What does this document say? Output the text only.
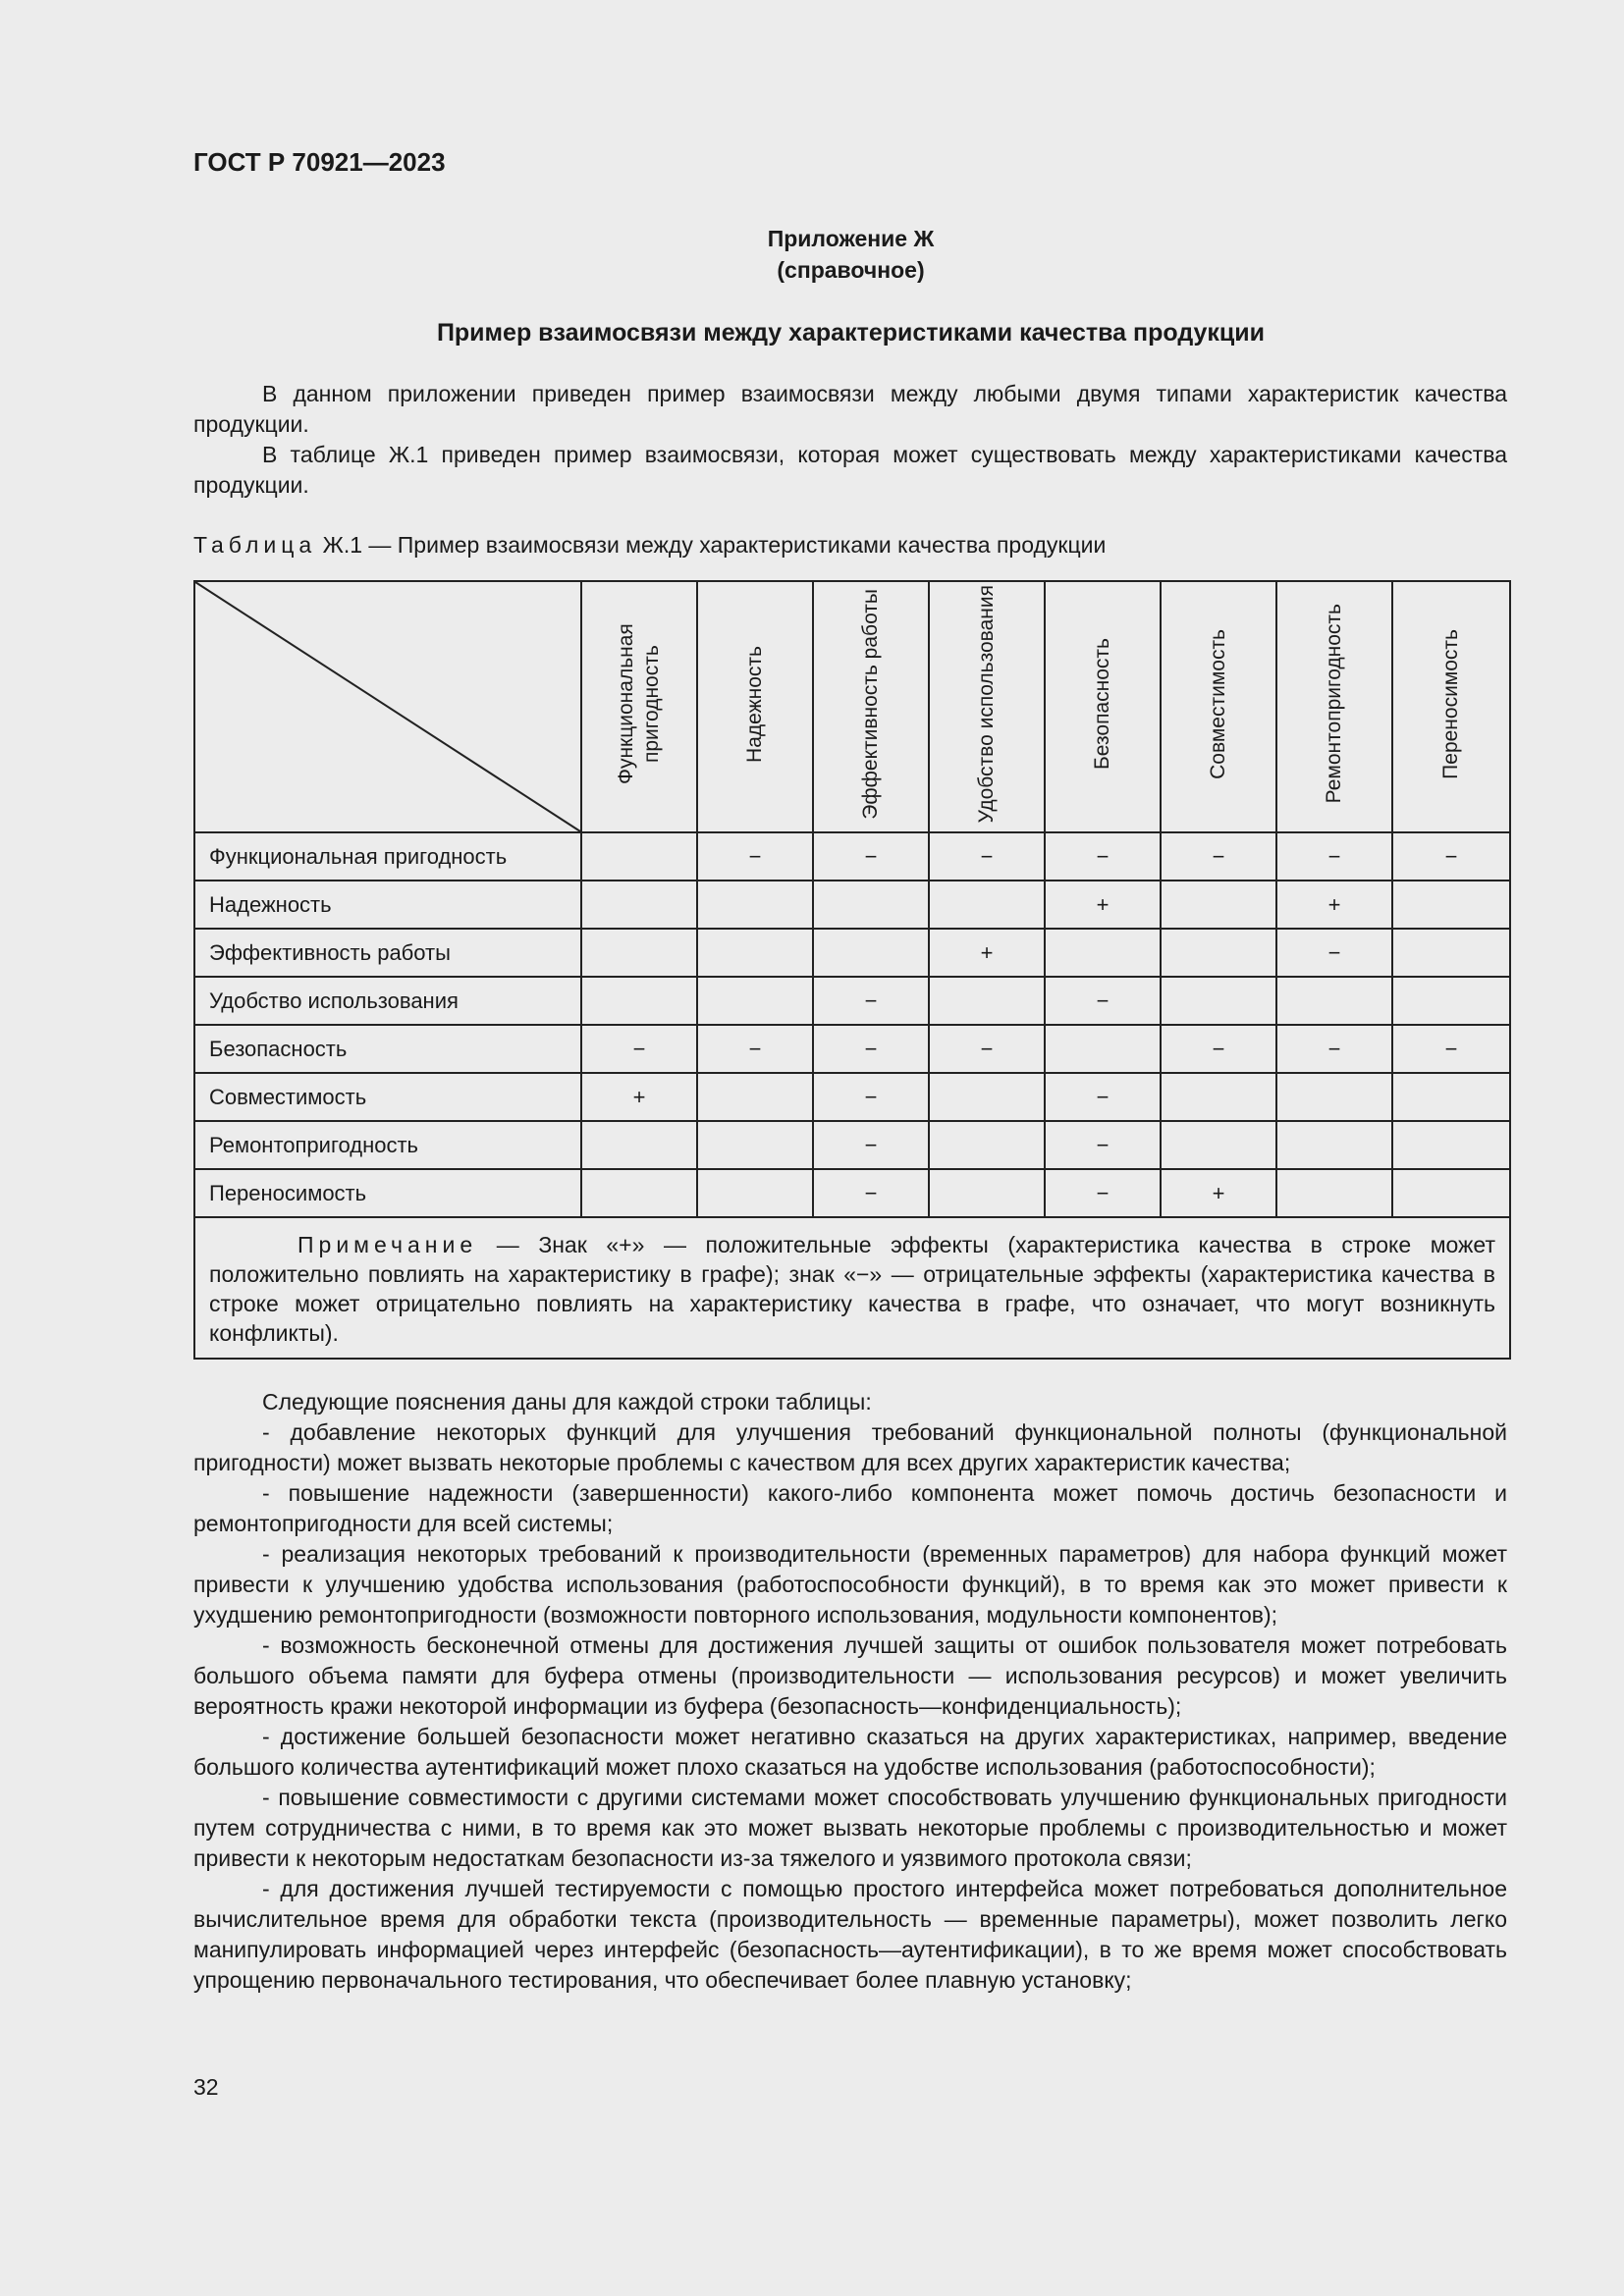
ГОСТ Р 70921—2023
Приложение Ж
(справочное)
Пример взаимосвязи между характеристиками качества продукции

В данном приложении приведен пример взаимосвязи между любыми двумя типами характеристик качества продукции.

В таблице Ж.1 приведен пример взаимосвязи, которая может существовать между характеристиками качества продукции.

Таблица Ж.1 — Пример взаимосвязи между характеристиками качества продукции
	Функциональная пригодность	Надежность	Эффективность работы	Удобство использования	Безопасность	Совместимость	Ремонтопригодность	Переносимость
Функциональная пригодность		−	−	−	−	−	−	−
Надежность					+		+	
Эффективность работы				+			−	
Удобство использования			−		−			
Безопасность	−	−	−	−		−	−	−
Совместимость	+		−		−			
Ремонтопригодность			−		−			
Переносимость			−		−	+		
Примечание — Знак «+» — положительные эффекты (характеристика качества в строке может положительно повлиять на характеристику в графе); знак «−» — отрицательные эффекты (характеристика качества в строке может отрицательно повлиять на характеристику качества в графе, что означает, что могут возникнуть конфликты).								

Следующие пояснения даны для каждой строки таблицы:

- добавление некоторых функций для улучшения требований функциональной полноты (функциональной пригодности) может вызвать некоторые проблемы с качеством для всех других характеристик качества;

- повышение надежности (завершенности) какого-либо компонента может помочь достичь безопасности и ремонтопригодности для всей системы;

- реализация некоторых требований к производительности (временных параметров) для набора функций может привести к улучшению удобства использования (работоспособности функций), в то время как это может привести к ухудшению ремонтопригодности (возможности повторного использования, модульности компонентов);

- возможность бесконечной отмены для достижения лучшей защиты от ошибок пользователя может потребовать большого объема памяти для буфера отмены (производительности — использования ресурсов) и может увеличить вероятность кражи некоторой информации из буфера (безопасность—конфиденциальность);

- достижение большей безопасности может негативно сказаться на других характеристиках, например, введение большого количества аутентификаций может плохо сказаться на удобстве использования (работоспособности);

- повышение совместимости с другими системами может способствовать улучшению функциональных пригодности путем сотрудничества с ними, в то время как это может вызвать некоторые проблемы с производительностью и может привести к некоторым недостаткам безопасности из-за тяжелого и уязвимого протокола связи;

- для достижения лучшей тестируемости с помощью простого интерфейса может потребоваться дополнительное вычислительное время для обработки текста (производительность — временные параметры), может позволить легко манипулировать информацией через интерфейс (безопасность—аутентификации), в то же время может способствовать упрощению первоначального тестирования, что обеспечивает более плавную установку;

32
